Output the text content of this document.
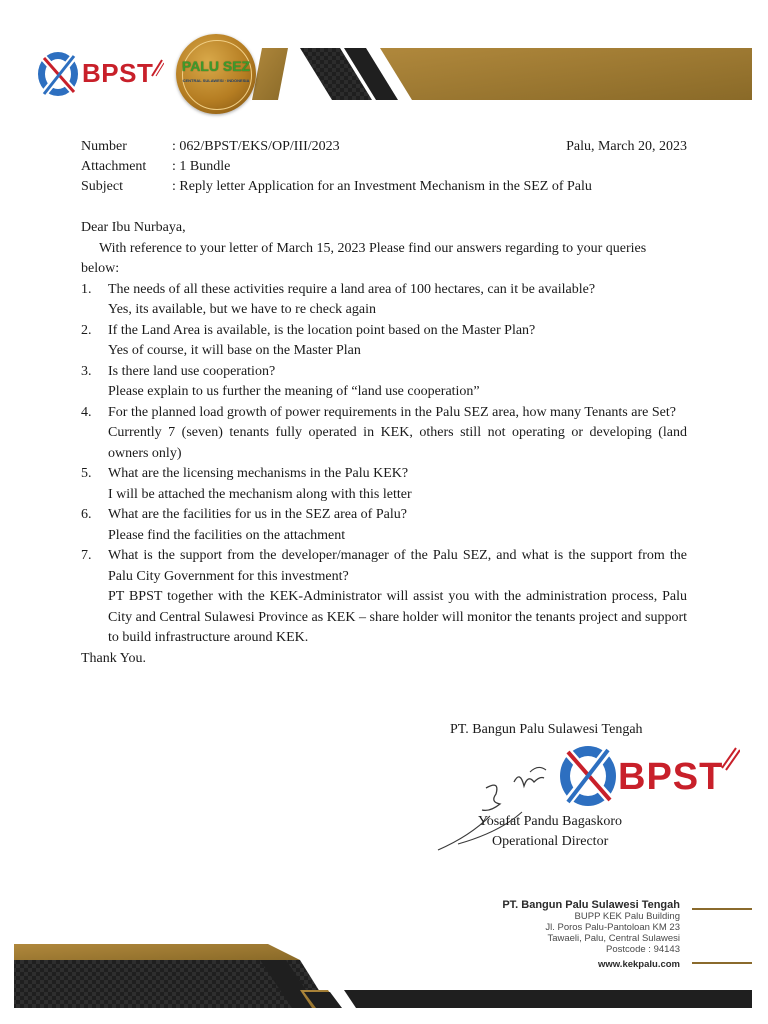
BPST	PALU SEZ
CENTRAL SULAWESI · INDONESIA
Number	: 062/BPST/EKS/OP/III/2023	Palu, March 20, 2023
Attachment : 1 Bundle
Subject	: Reply letter Application for an Investment Mechanism in the SEZ of Palu

Dear Ibu Nurbaya,

With reference to your letter of March 15, 2023 Please find our answers regarding to your queries below:

1. The needs of all these activities require a land area of 100 hectares, can it be available?
Yes, its available, but we have to re check again
2. If the Land Area is available, is the location point based on the Master Plan?
Yes of course, it will base on the Master Plan
3. Is there land use cooperation?
Please explain to us further the meaning of “land use cooperation”
4. For the planned load growth of power requirements in the Palu SEZ area, how many Tenants are Set?
Currently 7 (seven) tenants fully operated in KEK, others still not operating or developing (land owners only)
5. What are the licensing mechanisms in the Palu KEK?
I will be attached the mechanism along with this letter
6. What are the facilities for us in the SEZ area of Palu?
Please find the facilities on the attachment
7. What is the support from the developer/manager of the Palu SEZ, and what is the support from the Palu City Government for this investment?
PT BPST together with the KEK-Administrator will assist you with the administration process, Palu City and Central Sulawesi Province as KEK – share holder will monitor the tenants project and support to build infrastructure around KEK.

Thank You.

PT. Bangun Palu Sulawesi Tengah
BPST
Yosafat Pandu Bagaskoro
Operational Director
PT. Bangun Palu Sulawesi Tengah
BUPP KEK Palu Building
Jl. Poros Palu-Pantoloan KM 23
Tawaeli, Palu, Central Sulawesi
Postcode : 94143
www.kekpalu.com
